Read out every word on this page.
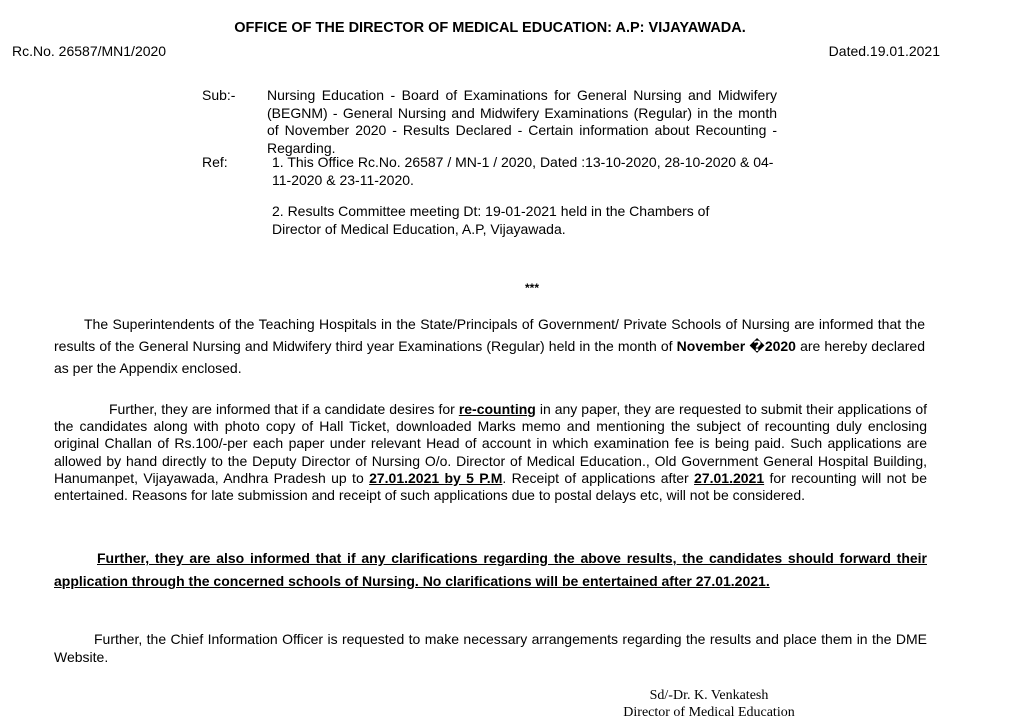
OFFICE OF THE DIRECTOR OF MEDICAL EDUCATION: A.P: VIJAYAWADA.
Rc.No. 26587/MN1/2020	Dated.19.01.2021
Sub:- Nursing Education - Board of Examinations for General Nursing and Midwifery (BEGNM) - General Nursing and Midwifery Examinations (Regular) in the month of November 2020 - Results Declared - Certain information about Recounting - Regarding.
Ref:	1. This Office Rc.No. 26587 / MN-1 / 2020, Dated :13-10-2020, 28-10-2020 & 04-11-2020 & 23-11-2020.
2. Results Committee meeting Dt: 19-01-2021 held in the Chambers of Director of Medical Education, A.P, Vijayawada.
***
The Superintendents of the Teaching Hospitals in the State/Principals of Government/ Private Schools of Nursing are informed that the results of the General Nursing and Midwifery third year Examinations (Regular) held in the month of November �2020 are hereby declared as per the Appendix enclosed.
Further, they are informed that if a candidate desires for re-counting in any paper, they are requested to submit their applications of the candidates along with photo copy of Hall Ticket, downloaded Marks memo and mentioning the subject of recounting duly enclosing original Challan of Rs.100/-per each paper under relevant Head of account in which examination fee is being paid. Such applications are allowed by hand directly to the Deputy Director of Nursing O/o. Director of Medical Education., Old Government General Hospital Building, Hanumanpet, Vijayawada, Andhra Pradesh up to 27.01.2021 by 5 P.M. Receipt of applications after 27.01.2021 for recounting will not be entertained. Reasons for late submission and receipt of such applications due to postal delays etc, will not be considered.
Further, they are also informed that if any clarifications regarding the above results, the candidates should forward their application through the concerned schools of Nursing. No clarifications will be entertained after 27.01.2021.
Further, the Chief Information Officer is requested to make necessary arrangements regarding the results and place them in the DME Website.
Sd/-Dr. K. Venkatesh
Director of Medical Education
